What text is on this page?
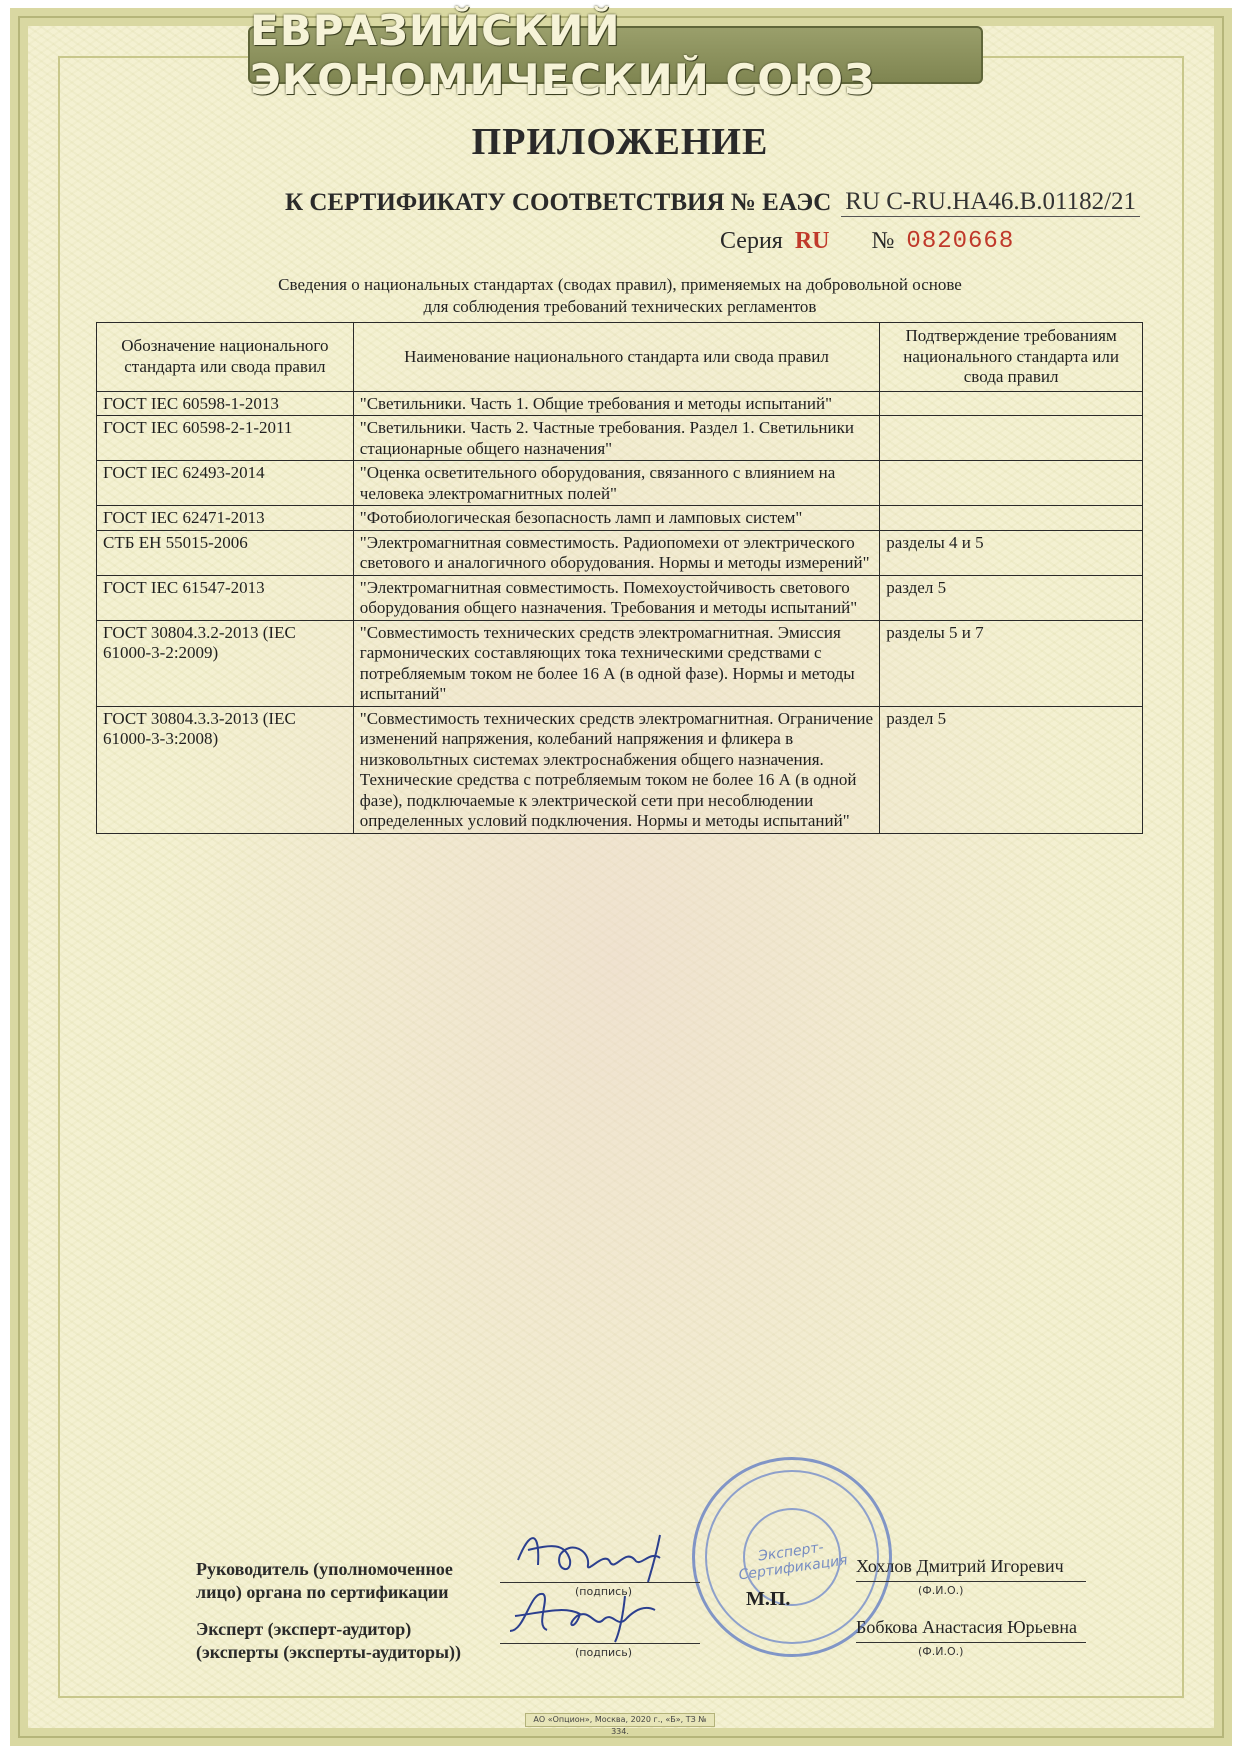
ЕВРАЗИЙСКИЙ ЭКОНОМИЧЕСКИЙ СОЮЗ
ПРИЛОЖЕНИЕ
К СЕРТИФИКАТУ СООТВЕТСТВИЯ № ЕАЭС RU C-RU.HA46.B.01182/21
Серия RU № 0820668
Сведения о национальных стандартах (сводах правил), применяемых на добровольной основе
для соблюдения требований технических регламентов
Обозначение национального стандарта или свода правил	Наименование национального стандарта или свода правил	Подтверждение требованиям национального стандарта или свода правил
ГОСТ IEC 60598-1-2013	"Светильники. Часть 1. Общие требования и методы испытаний"	
ГОСТ IEC 60598-2-1-2011	"Светильники. Часть 2. Частные требования. Раздел 1. Светильники стационарные общего назначения"	
ГОСТ IEC 62493-2014	"Оценка осветительного оборудования, связанного с влиянием на человека электромагнитных полей"	
ГОСТ IEC 62471-2013	"Фотобиологическая безопасность ламп и ламповых систем"	
СТБ ЕН 55015-2006	"Электромагнитная совместимость. Радиопомехи от электрического светового и аналогичного оборудования. Нормы и методы измерений"	разделы 4 и 5
ГОСТ IEC 61547-2013	"Электромагнитная совместимость. Помехоустойчивость светового оборудования общего назначения. Требования и методы испытаний"	раздел 5
ГОСТ 30804.3.2-2013 (IEC 61000-3-2:2009)	"Совместимость технических средств электромагнитная. Эмиссия гармонических составляющих тока техническими средствами с потребляемым током не более 16 А (в одной фазе). Нормы и методы испытаний"	разделы 5 и 7
ГОСТ 30804.3.3-2013 (IEC 61000-3-3:2008)	"Совместимость технических средств электромагнитная. Ограничение изменений напряжения, колебаний напряжения и фликера в низковольтных системах электроснабжения общего назначения. Технические средства с потребляемым током не более 16 А (в одной фазе), подключаемые к электрической сети при несоблюдении определенных условий подключения. Нормы и методы испытаний"	раздел 5
Эксперт-Сертификация
Руководитель (уполномоченное
лицо) органа по сертификации	(подпись)	М.П.
Хохлов Дмитрий Игоревич
(Ф.И.О.)
Эксперт (эксперт-аудитор)
(эксперты (эксперты-аудиторы))	(подпись)
Бобкова Анастасия Юрьевна
(Ф.И.О.)
АО «Опцион», Москва, 2020 г., «Б», ТЗ № 334.
